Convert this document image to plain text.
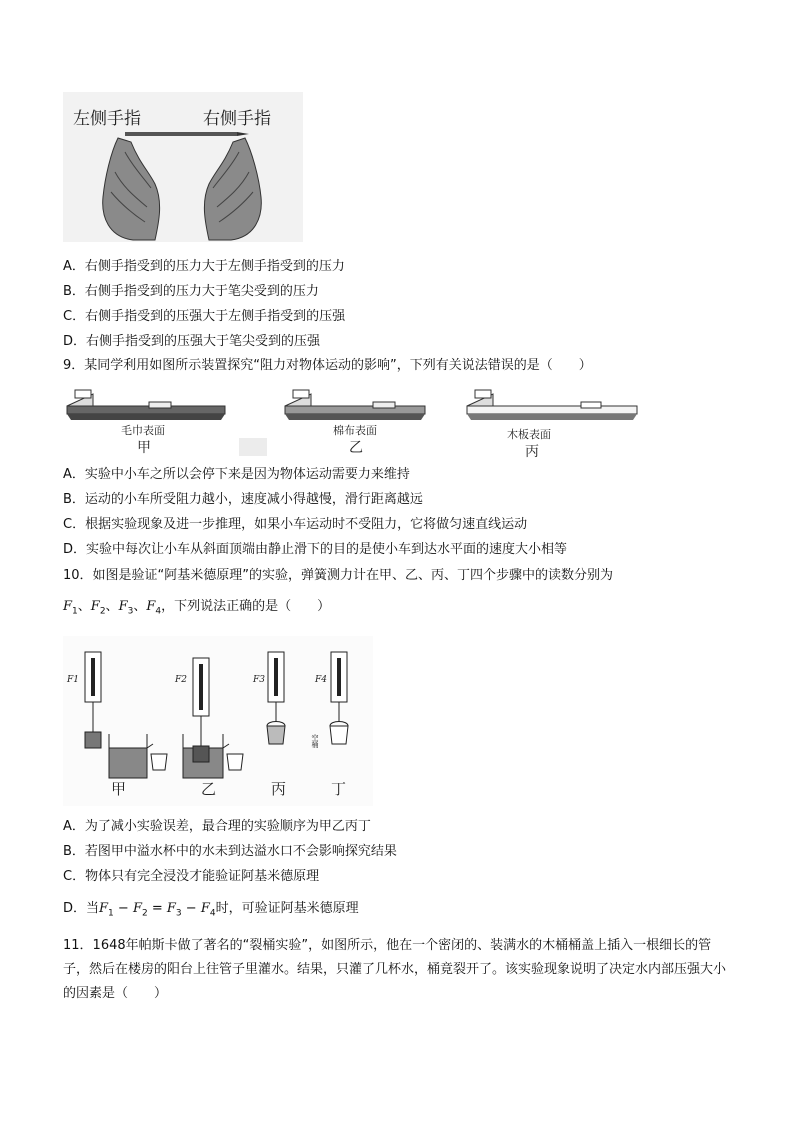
左侧手指	右侧手指
A．右侧手指受到的压力大于左侧手指受到的压力
B．右侧手指受到的压力大于笔尖受到的压力
C．右侧手指受到的压强大于左侧手指受到的压强
D．右侧手指受到的压强大于笔尖受到的压强
9．某同学利用如图所示装置探究“阻力对物体运动的影响”，下列有关说法错误的是（　　）
毛巾表面
甲
棉布表面
乙
木板表面
丙
A．实验中小车之所以会停下来是因为物体运动需要力来维持
B．运动的小车所受阻力越小，速度减小得越慢，滑行距离越远
C．根据实验现象及进一步推理，如果小车运动时不受阻力，它将做匀速直线运动
D．实验中每次让小车从斜面顶端由静止滑下的目的是使小车到达水平面的速度大小相等
10．如图是验证“阿基米德原理”的实验，弹簧测力计在甲、乙、丙、丁四个步骤中的读数分别为
$F_1$、$F_2$、$F_3$、$F_4$，下列说法正确的是（　　）
F1	F2	F3	F4
空桶
甲	乙	丙	丁
A．为了减小实验误差，最合理的实验顺序为甲乙丙丁
B．若图甲中溢水杯中的水未到达溢水口不会影响探究结果
C．物体只有完全浸没才能验证阿基米德原理
D．当$F_1 - F_2 = F_3 - F_4$时，可验证阿基米德原理
11．1648年帕斯卡做了著名的“裂桶实验”，如图所示，他在一个密闭的、装满水的木桶桶盖上插入一根细长的管子，然后在楼房的阳台上往管子里灌水。结果，只灌了几杯水，桶竟裂开了。该实验现象说明了决定水内部压强大小的因素是（　　）
